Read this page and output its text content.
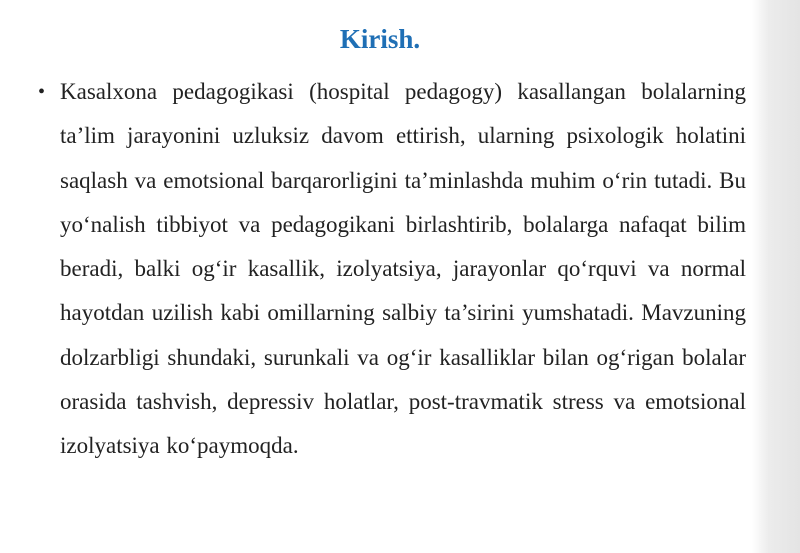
Kirish.
• Kasalxona pedagogikasi (hospital pedagogy) kasallangan bolalarning ta’lim jarayonini uzluksiz davom ettirish, ularning psixologik holatini saqlash va emotsional barqarorligini ta’minlashda muhim o‘rin tutadi. Bu yo‘nalish tibbiyot va pedagogikani birlashtirib, bolalarga nafaqat bilim beradi, balki og‘ir kasallik, izolyatsiya, jarayonlar qo‘rquvi va normal hayotdan uzilish kabi omillarning salbiy ta’sirini yumshatadi. Mavzuning dolzarbligi shundaki, surunkali va og‘ir kasalliklar bilan og‘rigan bolalar orasida tashvish, depressiv holatlar, post-travmatik stress va emotsional izolyatsiya ko‘paymoqda.
